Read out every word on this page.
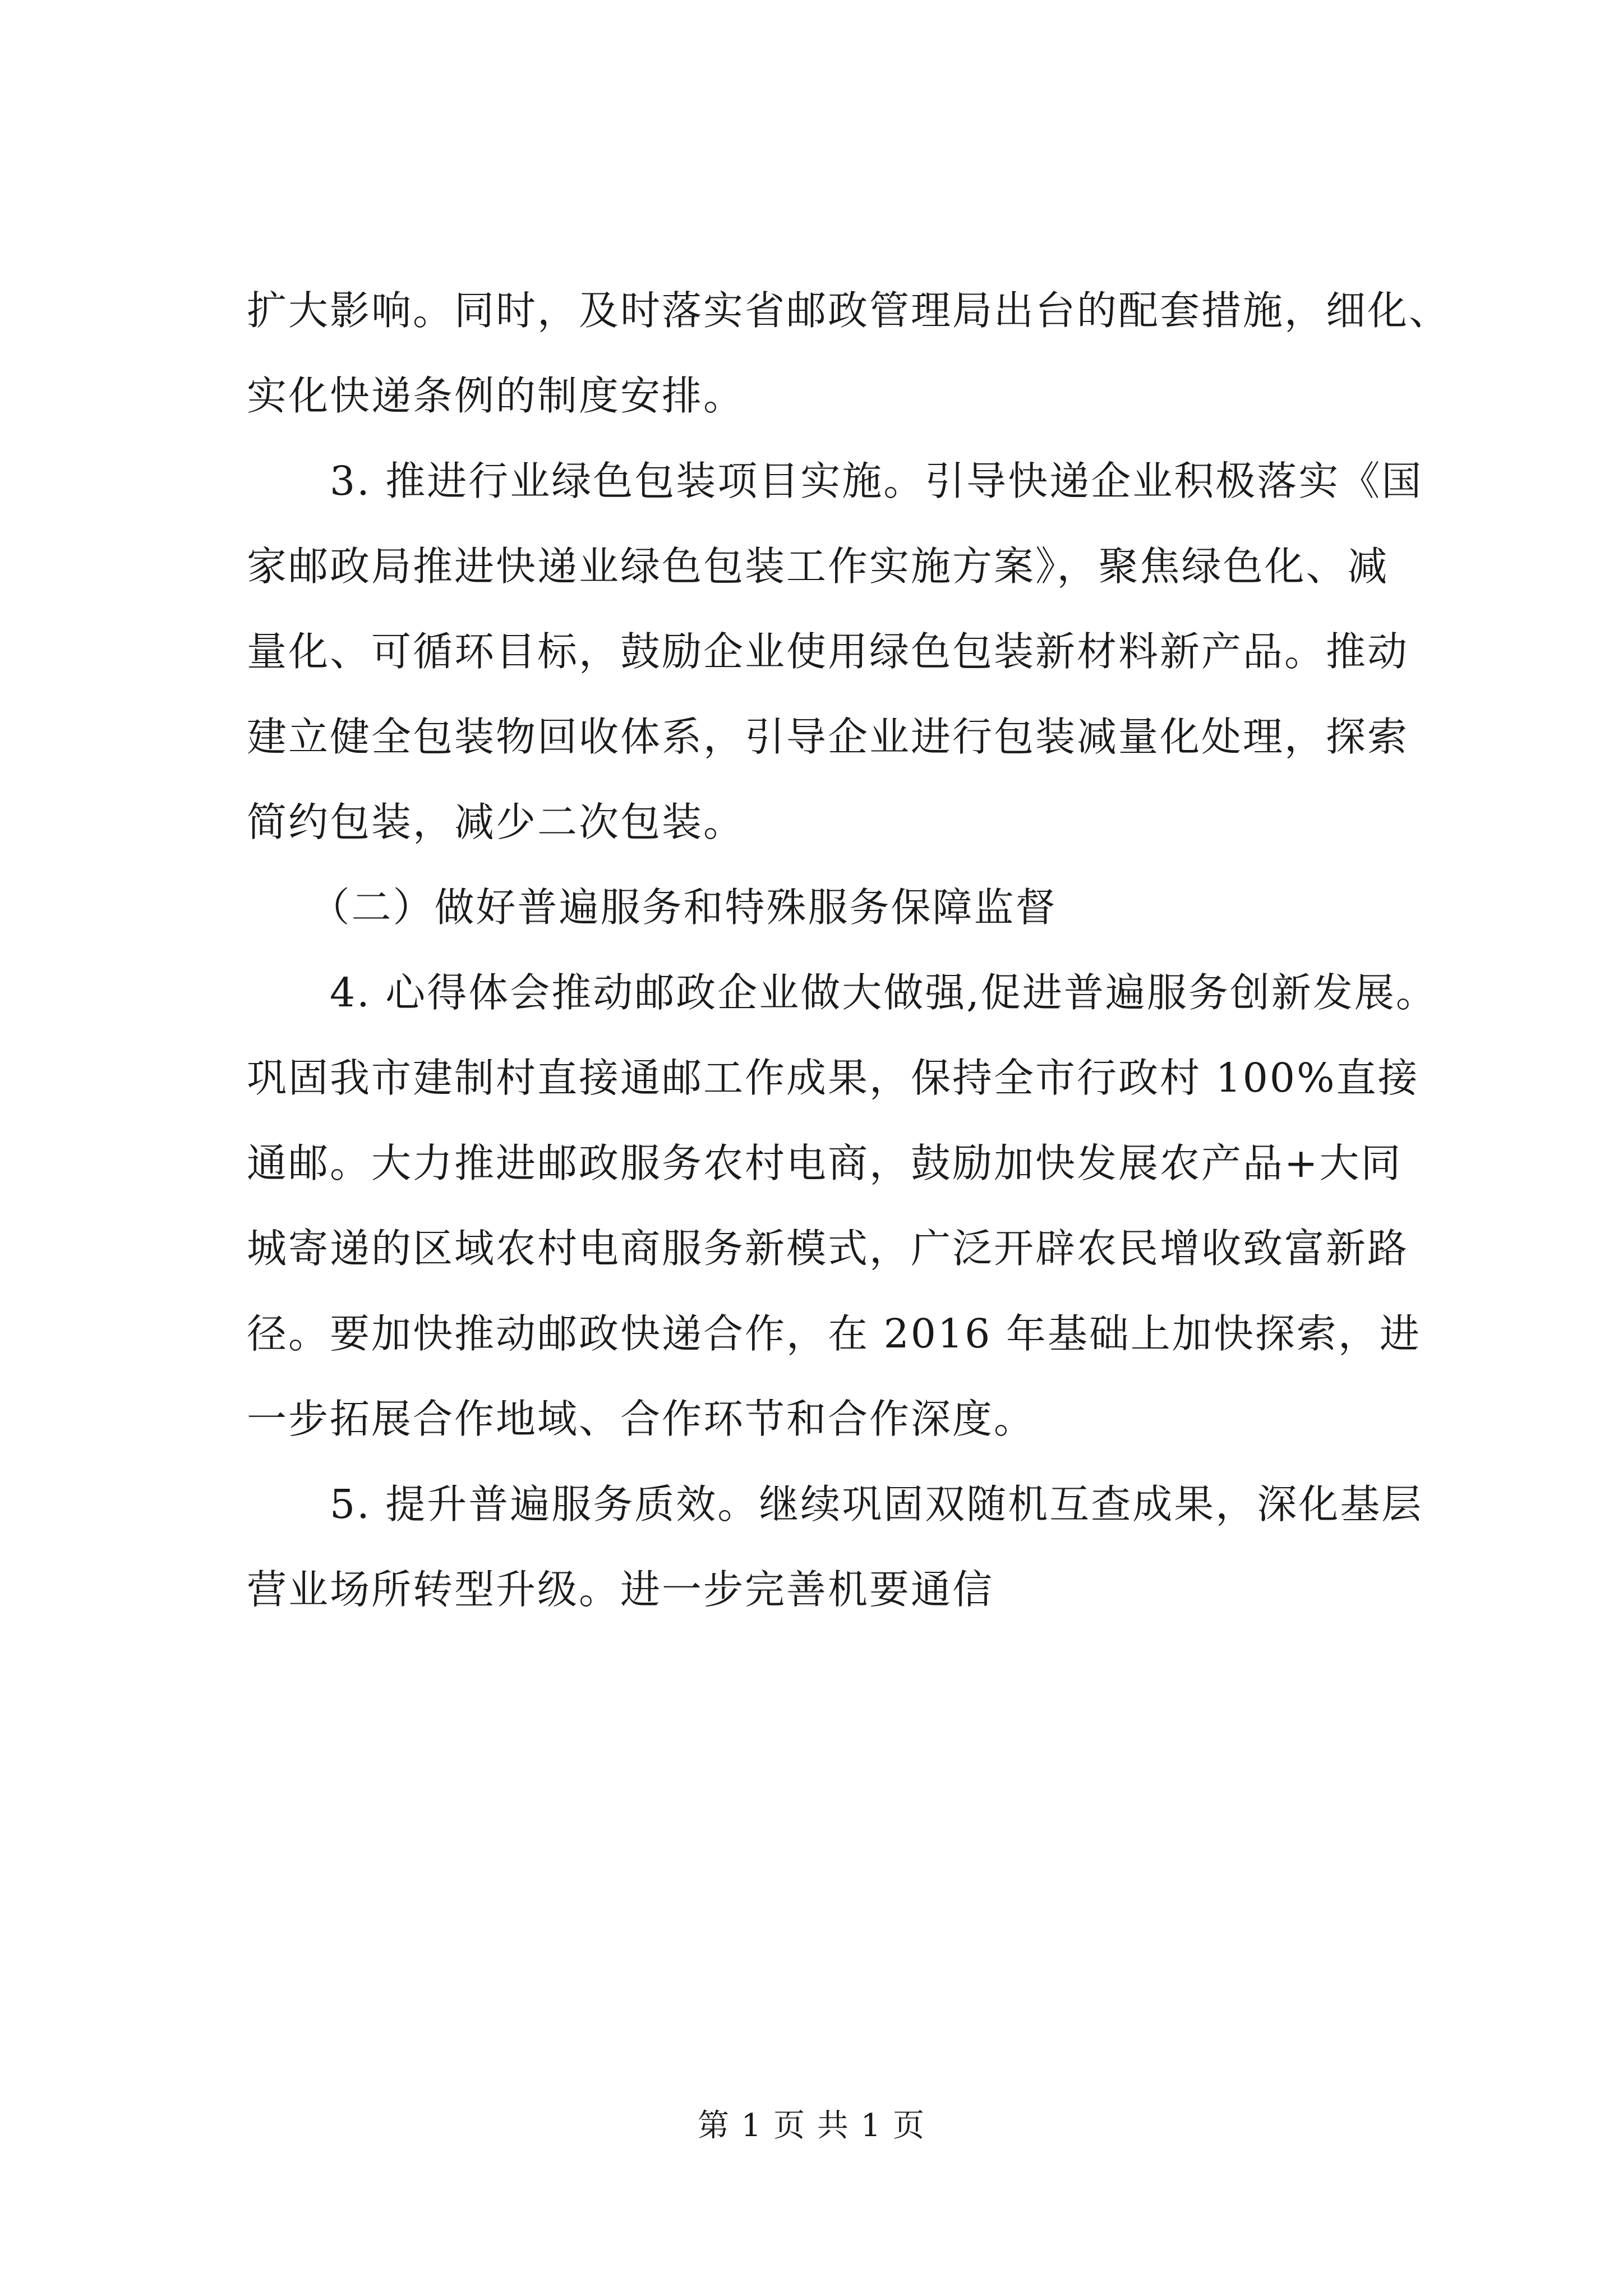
扩大影响。同时，及时落实省邮政管理局出台的配套措施，细化、
实化快递条例的制度安排。
　　3. 推进行业绿色包装项目实施。引导快递企业积极落实《国
家邮政局推进快递业绿色包装工作实施方案》，聚焦绿色化、减
量化、可循环目标，鼓励企业使用绿色包装新材料新产品。推动
建立健全包装物回收体系，引导企业进行包装减量化处理，探索
简约包装，减少二次包装。
　　（二）做好普遍服务和特殊服务保障监督
　　4. 心得体会推动邮政企业做大做强,促进普遍服务创新发展。
巩固我市建制村直接通邮工作成果，保持全市行政村 100%直接
通邮。大力推进邮政服务农村电商，鼓励加快发展农产品+大同
城寄递的区域农村电商服务新模式，广泛开辟农民增收致富新路
径。要加快推动邮政快递合作，在 2016 年基础上加快探索，进
一步拓展合作地域、合作环节和合作深度。
　　5. 提升普遍服务质效。继续巩固双随机互查成果，深化基层
营业场所转型升级。进一步完善机要通信
第 1 页 共 1 页
